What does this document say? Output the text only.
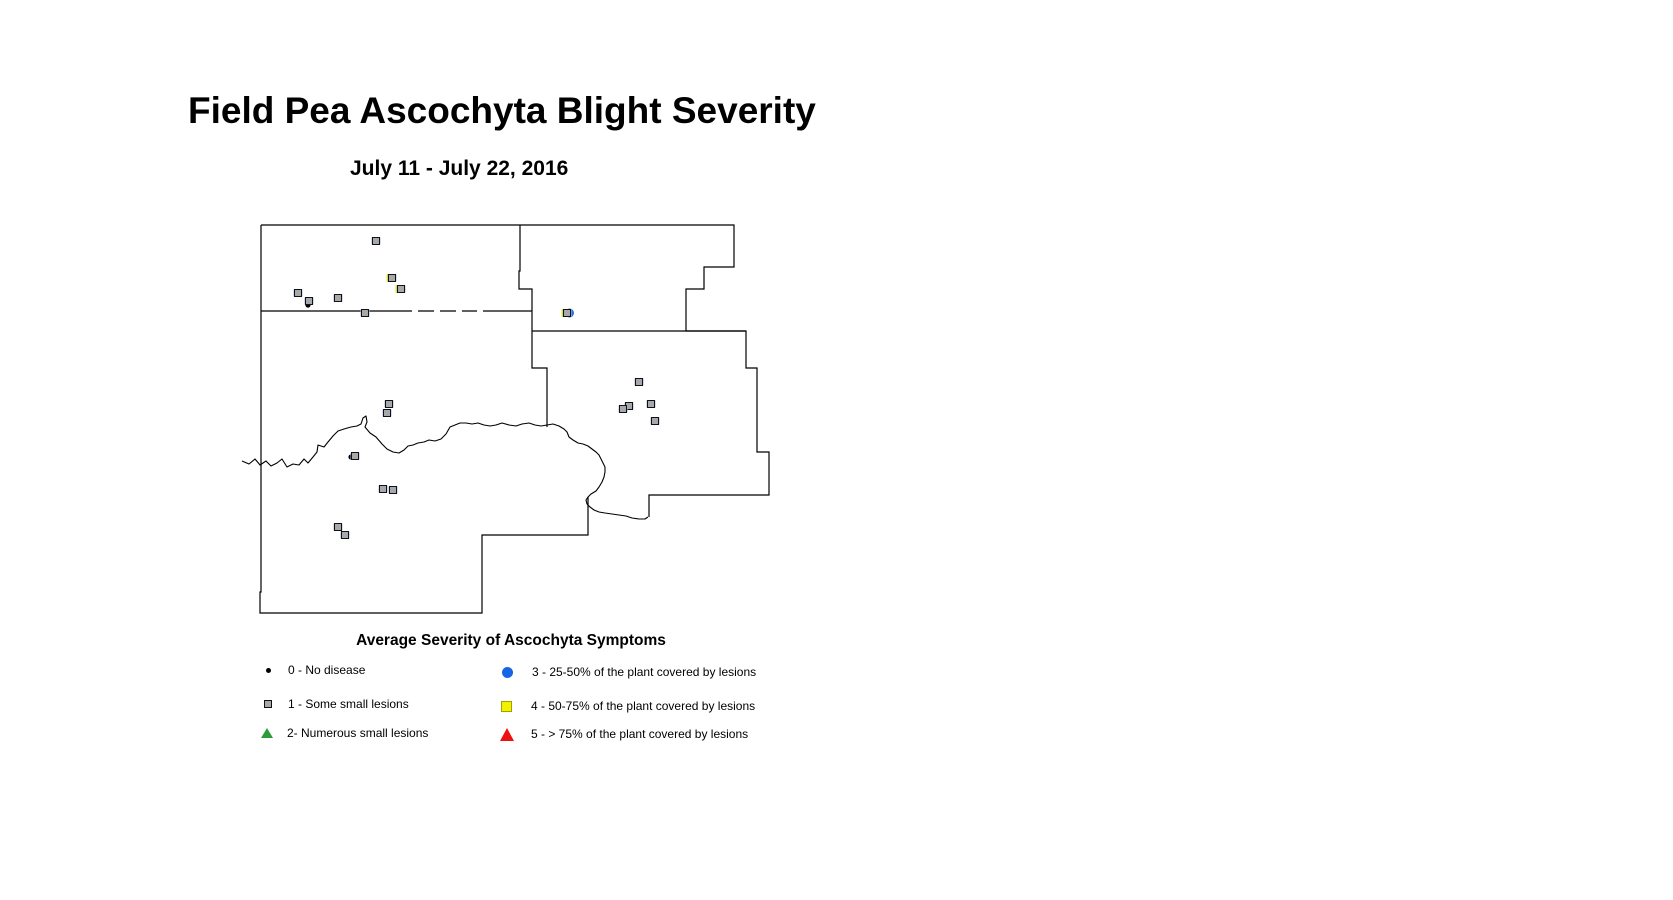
Field Pea Ascochyta Blight Severity
July 11 - July 22, 2016
Average Severity of Ascochyta Symptoms
0 - No disease
1 - Some small lesions
2- Numerous small lesions
3 - 25-50% of the plant covered by lesions
4 - 50-75% of the plant covered by lesions
5 - > 75% of the plant covered by lesions
